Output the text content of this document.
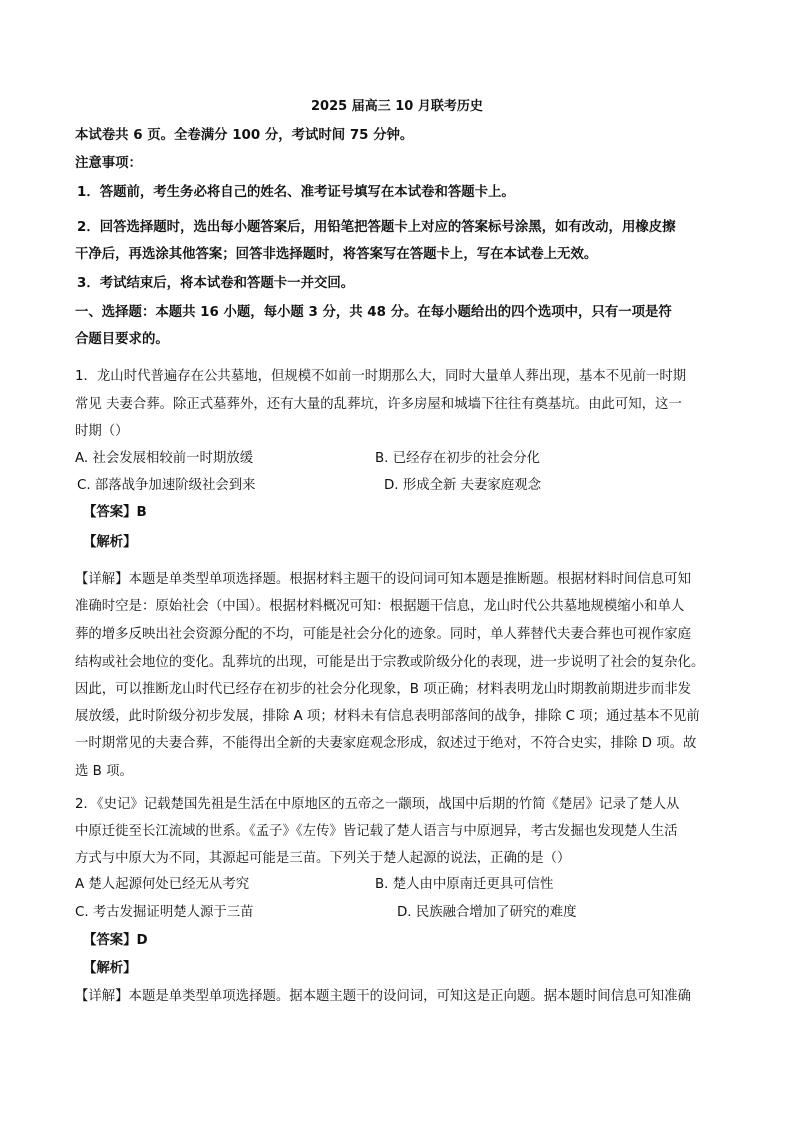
2025 届高三 10 月联考历史
本试卷共 6 页。全卷满分 100 分，考试时间 75 分钟。
注意事项：
1．答题前，考生务必将自己的姓名、准考证号填写在本试卷和答题卡上。
2．回答选择题时，选出每小题答案后，用铅笔把答题卡上对应的答案标号涂黑，如有改动，用橡皮擦
干净后，再选涂其他答案；回答非选择题时，将答案写在答题卡上，写在本试卷上无效。
3．考试结束后，将本试卷和答题卡一并交回。
一、选择题：本题共 16 小题，每小题 3 分，共 48 分。在每小题给出的四个选项中，只有一项是符
合题目要求的。
1．龙山时代普遍存在公共墓地，但规模不如前一时期那么大，同时大量单人葬出现，基本不见前一时期
常见 夫妻合葬。除正式墓葬外，还有大量的乱葬坑，许多房屋和城墙下往往有奠基坑。由此可知，这一
时期（）
A. 社会发展相较前一时期放缓	B. 已经存在初步的社会分化
C. 部落战争加速阶级社会到来	D. 形成全新 夫妻家庭观念
【答案】B
【解析】
【详解】本题是单类型单项选择题。根据材料主题干的设问词可知本题是推断题。根据材料时间信息可知
准确时空是：原始社会（中国）。根据材料概况可知：根据题干信息，龙山时代公共墓地规模缩小和单人
葬的增多反映出社会资源分配的不均，可能是社会分化的迹象。同时，单人葬替代夫妻合葬也可视作家庭
结构或社会地位的变化。乱葬坑的出现，可能是出于宗教或阶级分化的表现，进一步说明了社会的复杂化。
因此，可以推断龙山时代已经存在初步的社会分化现象，B 项正确；材料表明龙山时期教前期进步而非发
展放缓，此时阶级分初步发展，排除 A 项；材料未有信息表明部落间的战争，排除 C 项；通过基本不见前
一时期常见的夫妻合葬，不能得出全新的夫妻家庭观念形成，叙述过于绝对，不符合史实，排除 D 项。故
选 B 项。
2．《史记》记载楚国先祖是生活在中原地区的五帝之一颛顼，战国中后期的竹简《楚居》记录了楚人从
中原迁徙至长江流域的世系。《孟子》《左传》皆记载了楚人语言与中原迥异，考古发掘也发现楚人生活
方式与中原大为不同，其源起可能是三苗。下列关于楚人起源的说法，正确的是（）
A 楚人起源何处已经无从考究	B. 楚人由中原南迁更具可信性
C. 考古发掘证明楚人源于三苗	D. 民族融合增加了研究的难度
【答案】D
【解析】
【详解】本题是单类型单项选择题。据本题主题干的设问词，可知这是正向题。据本题时间信息可知准确
